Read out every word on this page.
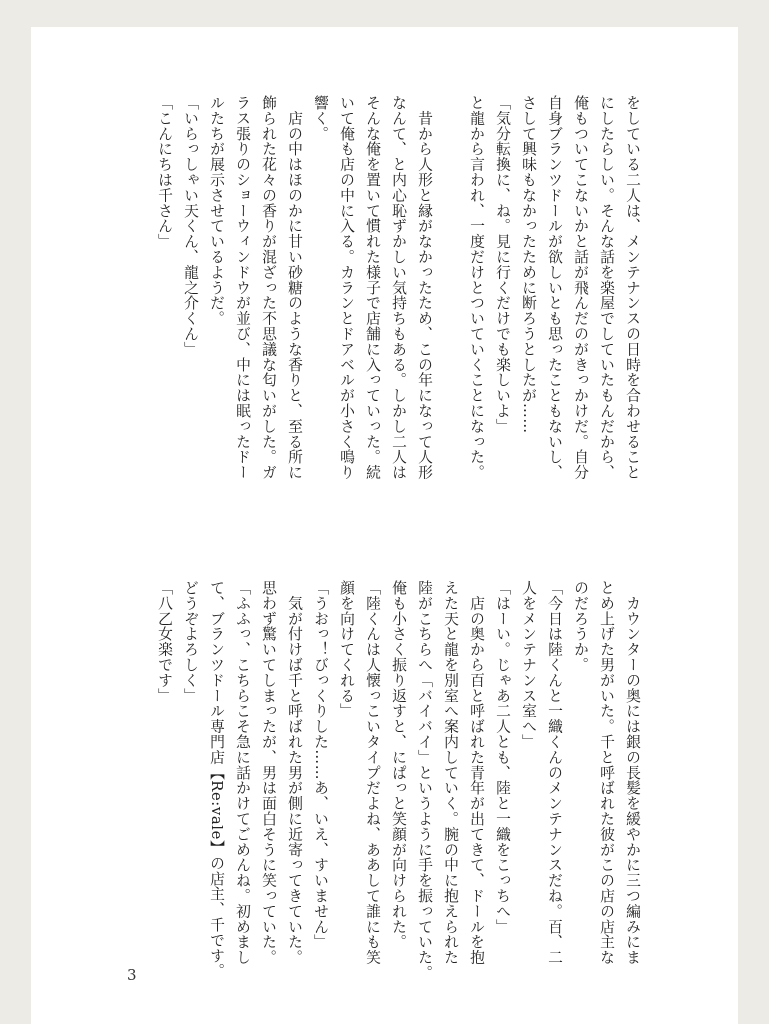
をしている二人は、メンテナンスの日時を合わせること
にしたらしい。そんな話を楽屋でしていたもんだから、
俺もついてこないかと話が飛んだのがきっかけだ。自分
自身ブランツドールが欲しいとも思ったこともないし、
さして興味もなかったために断ろうとしたが……
「気分転換に、ね。見に行くだけでも楽しいよ」
と龍から言われ、一度だけとついていくことになった。
　昔から人形と縁がなかったため、この年になって人形
なんて、と内心恥ずかしい気持ちもある。しかし二人は
そんな俺を置いて慣れた様子で店舗に入っていった。続
いて俺も店の中に入る。カランとドアベルが小さく鳴り
響く。
　店の中はほのかに甘い砂糖のような香りと、至る所に
飾られた花々の香りが混ざった不思議な匂いがした。ガ
ラス張りのショーウィンドウが並び、中には眠ったドー
ルたちが展示させているようだ。
「いらっしゃい天くん、龍之介くん」
「こんにちは千さん」
　カウンターの奥には銀の長髪を緩やかに三つ編みにま
とめ上げた男がいた。千と呼ばれた彼がこの店の店主な
のだろうか。
「今日は陸くんと一織くんのメンテナンスだね。百、二
人をメンテナンス室へ」
「はーい。じゃあ二人とも、陸と一織をこっちへ」
　店の奥から百と呼ばれた青年が出てきて、ドールを抱
えた天と龍を別室へ案内していく。腕の中に抱えられた
陸がこちらへ「バイバイ」というように手を振っていた。
俺も小さく振り返すと、にぱっと笑顔が向けられた。
「陸くんは人懐っこいタイプだよね、ああして誰にも笑
顔を向けてくれる」
「うおっ！びっくりした……あ、いえ、すいません」
　気が付けば千と呼ばれた男が側に近寄ってきていた。
思わず驚いてしまったが、男は面白そうに笑っていた。
「ふふっ、こちらこそ急に話かけてごめんね。初めまし
て、ブランツドール専門店【Re:vale】の店主、千です。
どうぞよろしく」
「八乙女楽です」
3
